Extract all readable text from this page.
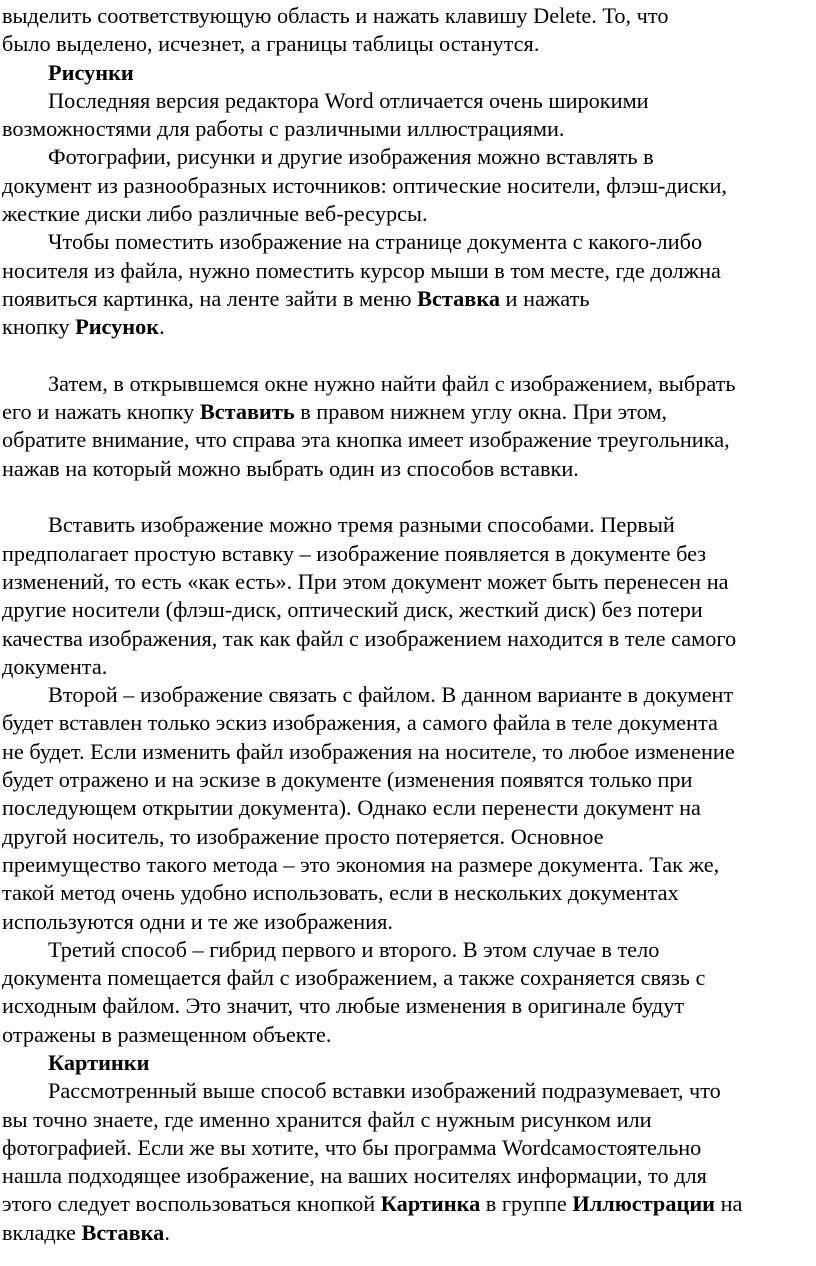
выделить соответствующую область и нажать клавишу Delete. То, что
было выделено, исчезнет, а границы таблицы останутся.
Рисунки
Последняя версия редактора Word отличается очень широкими
возможностями для работы с различными иллюстрациями.
Фотографии, рисунки и другие изображения можно вставлять в
документ из разнообразных источников: оптические носители, флэш-диски,
жесткие диски либо различные веб-ресурсы.
Чтобы поместить изображение на странице документа с какого-либо
носителя из файла, нужно поместить курсор мыши в том месте, где должна
появиться картинка, на ленте зайти в меню Вставка и нажать
кнопку Рисунок.
Затем, в открывшемся окне нужно найти файл с изображением, выбрать
его и нажать кнопку Вставить в правом нижнем углу окна. При этом,
обратите внимание, что справа эта кнопка имеет изображение треугольника,
нажав на который можно выбрать один из способов вставки.
Вставить изображение можно тремя разными способами. Первый
предполагает простую вставку – изображение появляется в документе без
изменений, то есть «как есть». При этом документ может быть перенесен на
другие носители (флэш-диск, оптический диск, жесткий диск) без потери
качества изображения, так как файл с изображением находится в теле самого
документа.
Второй – изображение связать с файлом. В данном варианте в документ
будет вставлен только эскиз изображения, а самого файла в теле документа
не будет. Если изменить файл изображения на носителе, то любое изменение
будет отражено и на эскизе в документе (изменения появятся только при
последующем открытии документа). Однако если перенести документ на
другой носитель, то изображение просто потеряется. Основное
преимущество такого метода – это экономия на размере документа. Так же,
такой метод очень удобно использовать, если в нескольких документах
используются одни и те же изображения.
Третий способ – гибрид первого и второго. В этом случае в тело
документа помещается файл с изображением, а также сохраняется связь с
исходным файлом. Это значит, что любые изменения в оригинале будут
отражены в размещенном объекте.
Картинки
Рассмотренный выше способ вставки изображений подразумевает, что
вы точно знаете, где именно хранится файл с нужным рисунком или
фотографией. Если же вы хотите, что бы программа Wordсамостоятельно
нашла подходящее изображение, на ваших носителях информации, то для
этого следует воспользоваться кнопкой Картинка в группе Иллюстрации на
вкладке Вставка.
